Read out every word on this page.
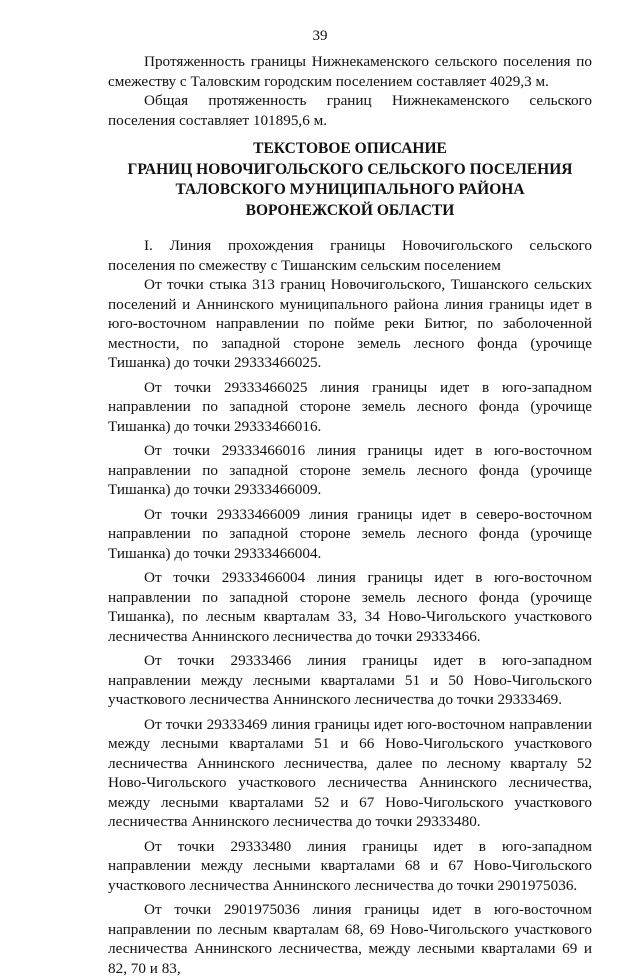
39

Протяженность границы Нижнекаменского сельского поселения по смежеству с Таловским городским поселением составляет 4029,3 м.

Общая протяженность границ Нижнекаменского сельского поселения составляет 101895,6 м.

ТЕКСТОВОЕ ОПИСАНИЕ
ГРАНИЦ НОВОЧИГОЛЬСКОГО СЕЛЬСКОГО ПОСЕЛЕНИЯ
ТАЛОВСКОГО МУНИЦИПАЛЬНОГО РАЙОНА
ВОРОНЕЖСКОЙ ОБЛАСТИ

I. Линия прохождения границы Новочигольского сельского поселения по смежеству с Тишанским сельским поселением

От точки стыка 313 границ Новочигольского, Тишанского сельских поселений и Аннинского муниципального района линия границы идет в юго-восточном направлении по пойме реки Битюг, по заболоченной местности, по западной стороне земель лесного фонда (урочище Тишанка) до точки 29333466025.

От точки 29333466025 линия границы идет в юго-западном направлении по западной стороне земель лесного фонда (урочище Тишанка) до точки 29333466016.

От точки 29333466016 линия границы идет в юго-восточном направлении по западной стороне земель лесного фонда (урочище Тишанка) до точки 29333466009.

От точки 29333466009 линия границы идет в северо-восточном направлении по западной стороне земель лесного фонда (урочище Тишанка) до точки 29333466004.

От точки 29333466004 линия границы идет в юго-восточном направлении по западной стороне земель лесного фонда (урочище Тишанка), по лесным кварталам 33, 34 Ново-Чигольского участкового лесничества Аннинского лесничества до точки 29333466.

От точки 29333466 линия границы идет в юго-западном направлении между лесными кварталами 51 и 50 Ново-Чигольского участкового лесничества Аннинского лесничества до точки 29333469.

От точки 29333469 линия границы идет юго-восточном направлении между лесными кварталами 51 и 66 Ново-Чигольского участкового лесничества Аннинского лесничества, далее по лесному кварталу 52 Ново-Чигольского участкового лесничества Аннинского лесничества, между лесными кварталами 52 и 67 Ново-Чигольского участкового лесничества Аннинского лесничества до точки 29333480.

От точки 29333480 линия границы идет в юго-западном направлении между лесными кварталами 68 и 67 Ново-Чигольского участкового лесничества Аннинского лесничества до точки 2901975036.

От точки 2901975036 линия границы идет в юго-восточном направлении по лесным кварталам 68, 69 Ново-Чигольского участкового лесничества Аннинского лесничества, между лесными кварталами 69 и 82, 70 и 83,
